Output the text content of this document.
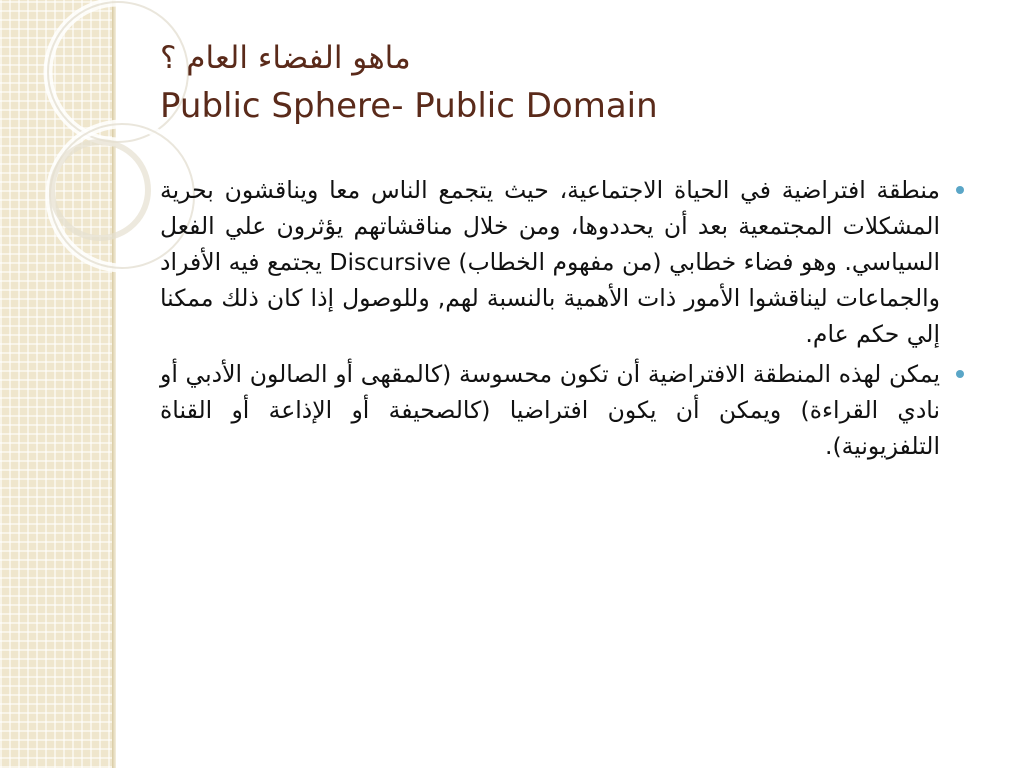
ماهو الفضاء العام ؟
Public Sphere- Public Domain
منطقة افتراضية في الحياة الاجتماعية، حيث يتجمع الناس معا ويناقشون بحرية المشكلات المجتمعية بعد أن يحددوها، ومن خلال مناقشاتهم يؤثرون علي الفعل السياسي. وهو فضاء خطابي (من مفهوم الخطاب) Discursive يجتمع فيه الأفراد والجماعات ليناقشوا الأمور ذات الأهمية بالنسبة لهم, وللوصول إذا كان ذلك ممكنا إلي حكم عام.
يمكن لهذه المنطقة الافتراضية أن تكون محسوسة (كالمقهى أو الصالون الأدبي أو نادي القراءة) ويمكن أن يكون افتراضيا (كالصحيفة أو الإذاعة أو القناة التلفزيونية).
